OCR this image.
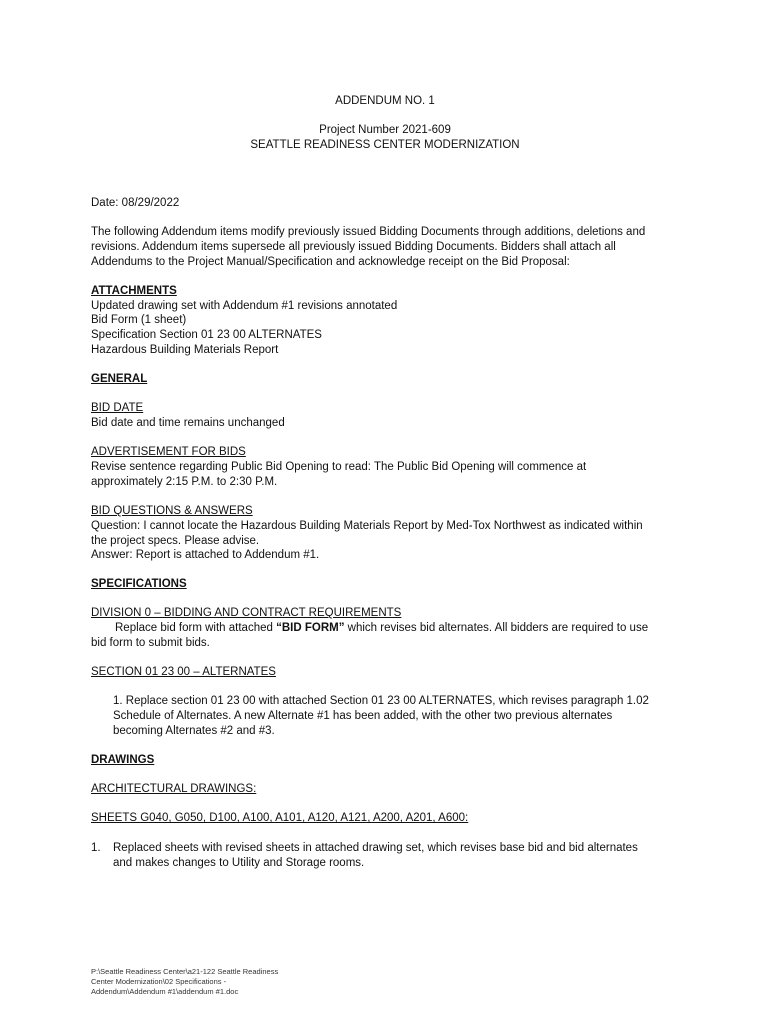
ADDENDUM NO. 1
Project Number 2021-609
SEATTLE READINESS CENTER MODERNIZATION
Date: 08/29/2022
The following Addendum items modify previously issued Bidding Documents through additions, deletions and
revisions. Addendum items supersede all previously issued Bidding Documents. Bidders shall attach all
Addendums to the Project Manual/Specification and acknowledge receipt on the Bid Proposal:
ATTACHMENTS
Updated drawing set with Addendum #1 revisions annotated
Bid Form (1 sheet)
Specification Section 01 23 00 ALTERNATES
Hazardous Building Materials Report
GENERAL
BID DATE
Bid date and time remains unchanged
ADVERTISEMENT FOR BIDS
Revise sentence regarding Public Bid Opening to read: The Public Bid Opening will commence at
approximately 2:15 P.M. to 2:30 P.M.
BID QUESTIONS & ANSWERS
Question: I cannot locate the Hazardous Building Materials Report by Med-Tox Northwest as indicated within
the project specs. Please advise.
Answer: Report is attached to Addendum #1.
SPECIFICATIONS
DIVISION 0 – BIDDING AND CONTRACT REQUIREMENTS
Replace bid form with attached “BID FORM” which revises bid alternates. All bidders are required to use
bid form to submit bids.
SECTION 01 23 00 – ALTERNATES
1. Replace section 01 23 00 with attached Section 01 23 00 ALTERNATES, which revises paragraph 1.02
Schedule of Alternates. A new Alternate #1 has been added, with the other two previous alternates
becoming Alternates #2 and #3.
DRAWINGS
ARCHITECTURAL DRAWINGS:
SHEETS G040, G050, D100, A100, A101, A120, A121, A200, A201, A600:
1. Replaced sheets with revised sheets in attached drawing set, which revises base bid and bid alternates
and makes changes to Utility and Storage rooms.
P:\Seattle Readiness Center\a21-122 Seattle Readiness
Center Modernization\02 Specifications -
Addendum\Addendum #1\addendum #1.doc
